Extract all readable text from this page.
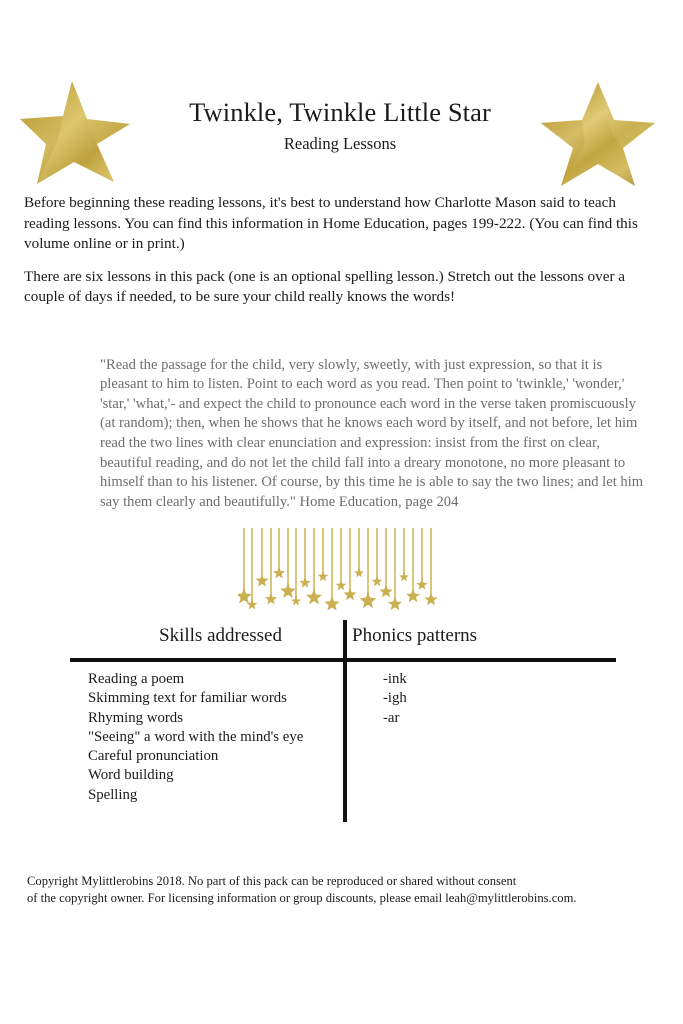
Twinkle, Twinkle Little Star
Reading Lessons

Before beginning these reading lessons, it's best to understand how Charlotte Mason said to teach reading lessons. You can find this information in Home Education, pages 199-222. (You can find this volume online or in print.)

There are six lessons in this pack (one is an optional spelling lesson.) Stretch out the lessons over a couple of days if needed, to be sure your child really knows the words!

"Read the passage for the child, very slowly, sweetly, with just expression, so that it is pleasant to him to listen. Point to each word as you read. Then point to 'twinkle,' 'wonder,' 'star,' 'what,'- and expect the child to pronounce each word in the verse taken promiscuously (at random); then, when he shows that he knows each word by itself, and not before, let him read the two lines with clear enunciation and expression: insist from the first on clear, beautiful reading, and do not let the child fall into a dreary monotone, no more pleasant to himself than to his listener. Of course, by this time he is able to say the two lines; and let him say them clearly and beautifully." Home Education, page 204

Skills addressed	Phonics patterns
Reading a poem
Skimming text for familiar words
Rhyming words
"Seeing" a word with the mind's eye
Careful pronunciation
Word building
Spelling
-ink
-igh
-ar

Copyright Mylittlerobins 2018. No part of this pack can be reproduced or shared without consent

of the copyright owner. For licensing information or group discounts, please email leah@mylittlerobins.com.
